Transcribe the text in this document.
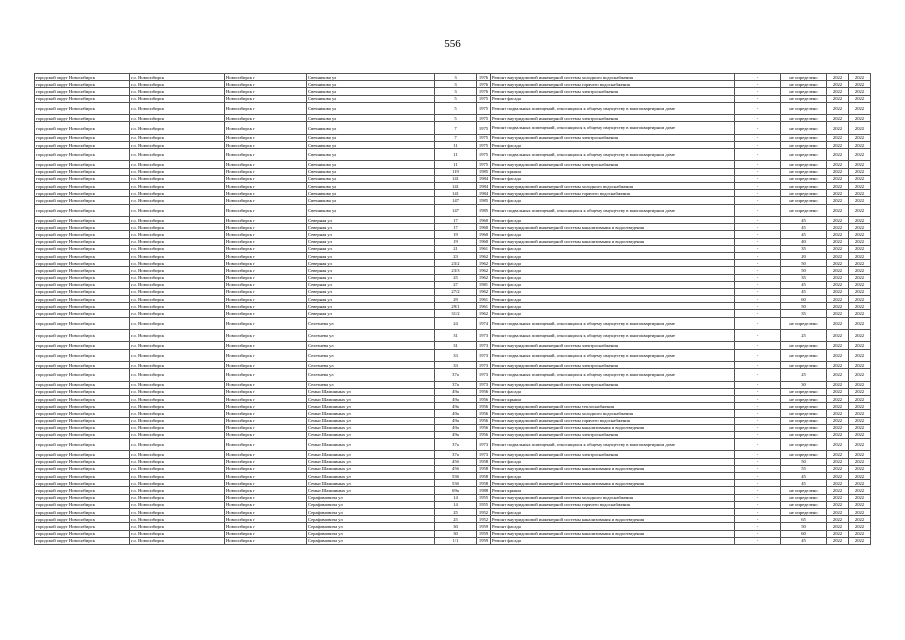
556
городской округ Новосибирск	г.о. Новосибирск	Новосибирск г	Свечникова ул	3	1976	Ремонт внутридомовой инженерной системы холодного водоснабжения	-	не определено	2022	2022
городской округ Новосибирск	г.о. Новосибирск	Новосибирск г	Свечникова ул	3	1976	Ремонт внутридомовой инженерной системы горячего водоснабжения	-	не определено	2022	2022
городской округ Новосибирск	г.о. Новосибирск	Новосибирск г	Свечникова ул	3	1976	Ремонт внутридомовой инженерной системы электроснабжения	-	не определено	2022	2022
городской округ Новосибирск	г.о. Новосибирск	Новосибирск г	Свечникова ул	5	1975	Ремонт фасада	-	не определено	2022	2022
городской округ Новосибирск	г.о. Новосибирск	Новосибирск г	Свечникова ул	5	1975	Ремонт подвальных помещений, относящихся к общему имуществу в многоквартирном доме	-	не определено	2022	2022
городской округ Новосибирск	г.о. Новосибирск	Новосибирск г	Свечникова ул	5	1975	Ремонт внутридомовой инженерной системы электроснабжения	-	не определено	2022	2022
городской округ Новосибирск	г.о. Новосибирск	Новосибирск г	Свечникова ул	7	1975	Ремонт подвальных помещений, относящихся к общему имуществу в многоквартирном доме	-	не определено	2022	2022
городской округ Новосибирск	г.о. Новосибирск	Новосибирск г	Свечникова ул	7	1975	Ремонт внутридомовой инженерной системы электроснабжения	-	не определено	2022	2022
городской округ Новосибирск	г.о. Новосибирск	Новосибирск г	Свечникова ул	11	1975	Ремонт фасада	-	не определено	2022	2022
городской округ Новосибирск	г.о. Новосибирск	Новосибирск г	Свечникова ул	11	1975	Ремонт подвальных помещений, относящихся к общему имуществу в многоквартирном доме	-	не определено	2022	2022
городской округ Новосибирск	г.о. Новосибирск	Новосибирск г	Свечникова ул	11	1975	Ремонт внутридомовой инженерной системы электроснабжения	-	не определено	2022	2022
городской округ Новосибирск	г.о. Новосибирск	Новосибирск г	Свечникова ул	119	1985	Ремонт крыши	-	не определено	2022	2022
городской округ Новосибирск	г.о. Новосибирск	Новосибирск г	Свечникова ул	141	1984	Ремонт фасада	-	не определено	2022	2022
городской округ Новосибирск	г.о. Новосибирск	Новосибирск г	Свечникова ул	141	1984	Ремонт внутридомовой инженерной системы холодного водоснабжения	-	не определено	2022	2022
городской округ Новосибирск	г.о. Новосибирск	Новосибирск г	Свечникова ул	141	1984	Ремонт внутридомовой инженерной системы горячего водоснабжения	-	не определено	2022	2022
городской округ Новосибирск	г.о. Новосибирск	Новосибирск г	Свечникова ул	147	1985	Ремонт фасада	-	не определено	2022	2022
городской округ Новосибирск	г.о. Новосибирск	Новосибирск г	Свечникова ул	147	1985	Ремонт подвальных помещений, относящихся к общему имуществу в многоквартирном доме	-	не определено	2022	2022
городской округ Новосибирск	г.о. Новосибирск	Новосибирск г	Северная ул	17	1960	Ремонт фасада	-	45	2022	2022
городской округ Новосибирск	г.о. Новосибирск	Новосибирск г	Северная ул	17	1960	Ремонт внутридомовой инженерной системы канализования и водоотведения	-	45	2022	2022
городской округ Новосибирск	г.о. Новосибирск	Новосибирск г	Северная ул	19	1960	Ремонт фасада	-	45	2022	2022
городской округ Новосибирск	г.о. Новосибирск	Новосибирск г	Северная ул	19	1960	Ремонт внутридомовой инженерной системы канализования и водоотведения	-	40	2022	2022
городской округ Новосибирск	г.о. Новосибирск	Новосибирск г	Северная ул	21	1961	Ремонт фасада	-	35	2022	2022
городской округ Новосибирск	г.о. Новосибирск	Новосибирск г	Северная ул	23	1962	Ремонт фасада	-	20	2022	2022
городской округ Новосибирск	г.о. Новосибирск	Новосибирск г	Северная ул	23/2	1962	Ремонт фасада	-	50	2022	2022
городской округ Новосибирск	г.о. Новосибирск	Новосибирск г	Северная ул	23/3	1962	Ремонт фасада	-	50	2022	2022
городской округ Новосибирск	г.о. Новосибирск	Новосибирск г	Северная ул	25	1962	Ремонт фасада	-	35	2022	2022
городской округ Новосибирск	г.о. Новосибирск	Новосибирск г	Северная ул	27	1981	Ремонт фасада	-	45	2022	2022
городской округ Новосибирск	г.о. Новосибирск	Новосибирск г	Северная ул	27/2	1962	Ремонт фасада	-	45	2022	2022
городской округ Новосибирск	г.о. Новосибирск	Новосибирск г	Северная ул	29	1961	Ремонт фасада	-	60	2022	2022
городской округ Новосибирск	г.о. Новосибирск	Новосибирск г	Северная ул	29/1	1961	Ремонт фасада	-	50	2022	2022
городской округ Новосибирск	г.о. Новосибирск	Новосибирск г	Северная ул	31/2	1962	Ремонт фасада	-	35	2022	2022
городской округ Новосибирск	г.о. Новосибирск	Новосибирск г	Селезнева ул	24	1974	Ремонт подвальных помещений, относящихся к общему имуществу в многоквартирном доме	-	не определено	2022	2022
городской округ Новосибирск	г.о. Новосибирск	Новосибирск г	Селезнева ул	31	1973	Ремонт подвальных помещений, относящихся к общему имуществу в многоквартирном доме	-	25	2022	2022
городской округ Новосибирск	г.о. Новосибирск	Новосибирск г	Селезнева ул	31	1973	Ремонт внутридомовой инженерной системы электроснабжения	-	не определено	2022	2022
городской округ Новосибирск	г.о. Новосибирск	Новосибирск г	Селезнева ул	33	1973	Ремонт подвальных помещений, относящихся к общему имуществу в многоквартирном доме	-	не определено	2022	2022
городской округ Новосибирск	г.о. Новосибирск	Новосибирск г	Селезнева ул	33	1973	Ремонт внутридомовой инженерной системы электроснабжения	-	не определено	2022	2022
городской округ Новосибирск	г.о. Новосибирск	Новосибирск г	Селезнева ул	37а	1973	Ремонт подвальных помещений, относящихся к общему имуществу в многоквартирном доме	-	25	2022	2022
городской округ Новосибирск	г.о. Новосибирск	Новосибирск г	Селезнева ул	37а	1973	Ремонт внутридомовой инженерной системы электроснабжения	-	30	2022	2022
городской округ Новосибирск	г.о. Новосибирск	Новосибирск г	Семьи Шамшиных ул	49а	1956	Ремонт фасада	-	не определено	2022	2022
городской округ Новосибирск	г.о. Новосибирск	Новосибирск г	Семьи Шамшиных ул	49а	1956	Ремонт крыши	-	не определено	2022	2022
городской округ Новосибирск	г.о. Новосибирск	Новосибирск г	Семьи Шамшиных ул	49а	1956	Ремонт внутридомовой инженерной системы теплоснабжения	-	не определено	2022	2022
городской округ Новосибирск	г.о. Новосибирск	Новосибирск г	Семьи Шамшиных ул	49а	1956	Ремонт внутридомовой инженерной системы холодного водоснабжения	-	не определено	2022	2022
городской округ Новосибирск	г.о. Новосибирск	Новосибирск г	Семьи Шамшиных ул	49а	1956	Ремонт внутридомовой инженерной системы горячего водоснабжения	-	не определено	2022	2022
городской округ Новосибирск	г.о. Новосибирск	Новосибирск г	Семьи Шамшиных ул	49а	1956	Ремонт внутридомовой инженерной системы канализования и водоотведения	-	не определено	2022	2022
городской округ Новосибирск	г.о. Новосибирск	Новосибирск г	Семьи Шамшиных ул	49а	1956	Ремонт внутридомовой инженерной системы электроснабжения	-	не определено	2022	2022
городской округ Новосибирск	г.о. Новосибирск	Новосибирск г	Семьи Шамшиных ул	37а	1973	Ремонт подвальных помещений, относящихся к общему имуществу в многоквартирном доме	-	не определено	2022	2022
городской округ Новосибирск	г.о. Новосибирск	Новосибирск г	Семьи Шамшиных ул	37а	1973	Ремонт внутридомовой инженерной системы электроснабжения	-	не определено	2022	2022
городской округ Новосибирск	г.о. Новосибирск	Новосибирск г	Семьи Шамшиных ул	45б	1958	Ремонт фасада	-	50	2022	2022
городской округ Новосибирск	г.о. Новосибирск	Новосибирск г	Семьи Шамшиных ул	45б	1958	Ремонт внутридомовой инженерной системы канализования и водоотведения	-	55	2022	2022
городской округ Новосибирск	г.о. Новосибирск	Новосибирск г	Семьи Шамшиных ул	53б	1958	Ремонт фасада	-	45	2022	2022
городской округ Новосибирск	г.о. Новосибирск	Новосибирск г	Семьи Шамшиных ул	53б	1958	Ремонт внутридомовой инженерной системы канализования и водоотведения	-	45	2022	2022
городской округ Новосибирск	г.о. Новосибирск	Новосибирск г	Семьи Шамшиных ул	69а	1988	Ремонт крыши	-	не определено	2022	2022
городской округ Новосибирск	г.о. Новосибирск	Новосибирск г	Серафимовича ул	14	1955	Ремонт внутридомовой инженерной системы холодного водоснабжения	-	не определено	2022	2022
городской округ Новосибирск	г.о. Новосибирск	Новосибирск г	Серафимовича ул	14	1955	Ремонт внутридомовой инженерной системы горячего водоснабжения	-	не определено	2022	2022
городской округ Новосибирск	г.о. Новосибирск	Новосибирск г	Серафимовича ул	25	1952	Ремонт фасада	-	не определено	2022	2022
городской округ Новосибирск	г.о. Новосибирск	Новосибирск г	Серафимовича ул	25	1952	Ремонт внутридомовой инженерной системы канализования и водоотведения	-	65	2022	2022
городской округ Новосибирск	г.о. Новосибирск	Новосибирск г	Серафимовича ул	30	1959	Ремонт фасада	-	50	2022	2022
городской округ Новосибирск	г.о. Новосибирск	Новосибирск г	Серафимовича ул	30	1959	Ремонт внутридомовой инженерной системы канализования и водоотведения	-	60	2022	2022
городской округ Новосибирск	г.о. Новосибирск	Новосибирск г	Серафимовича ул	1/1	1959	Ремонт фасада	-	45	2022	2022
